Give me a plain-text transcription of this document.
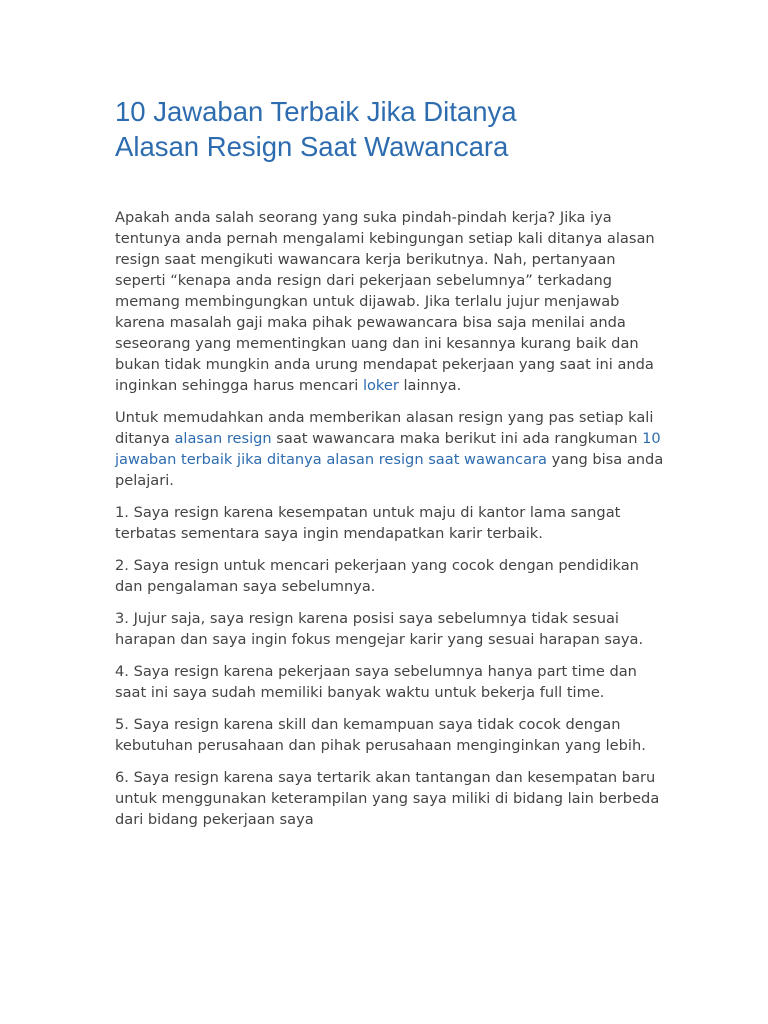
10 Jawaban Terbaik Jika Ditanya
Alasan Resign Saat Wawancara

Apakah anda salah seorang yang suka pindah-pindah kerja? Jika iya tentunya anda pernah mengalami kebingungan setiap kali ditanya alasan resign saat mengikuti wawancara kerja berikutnya. Nah, pertanyaan seperti “kenapa anda resign dari pekerjaan sebelumnya” terkadang memang membingungkan untuk dijawab. Jika terlalu jujur menjawab karena masalah gaji maka pihak pewawancara bisa saja menilai anda seseorang yang mementingkan uang dan ini kesannya kurang baik dan bukan tidak mungkin anda urung mendapat pekerjaan yang saat ini anda inginkan sehingga harus mencari loker lainnya.

Untuk memudahkan anda memberikan alasan resign yang pas setiap kali ditanya alasan resign saat wawancara maka berikut ini ada rangkuman 10 jawaban terbaik jika ditanya alasan resign saat wawancara yang bisa anda pelajari.

1. Saya resign karena kesempatan untuk maju di kantor lama sangat terbatas sementara saya ingin mendapatkan karir terbaik.

2. Saya resign untuk mencari pekerjaan yang cocok dengan pendidikan dan pengalaman saya sebelumnya.

3. Jujur saja, saya resign karena posisi saya sebelumnya tidak sesuai harapan dan saya ingin fokus mengejar karir yang sesuai harapan saya.

4. Saya resign karena pekerjaan saya sebelumnya hanya part time dan saat ini saya sudah memiliki banyak waktu untuk bekerja full time.

5. Saya resign karena skill dan kemampuan saya tidak cocok dengan kebutuhan perusahaan dan pihak perusahaan menginginkan yang lebih.

6. Saya resign karena saya tertarik akan tantangan dan kesempatan baru untuk menggunakan keterampilan yang saya miliki di bidang lain berbeda dari bidang pekerjaan saya
